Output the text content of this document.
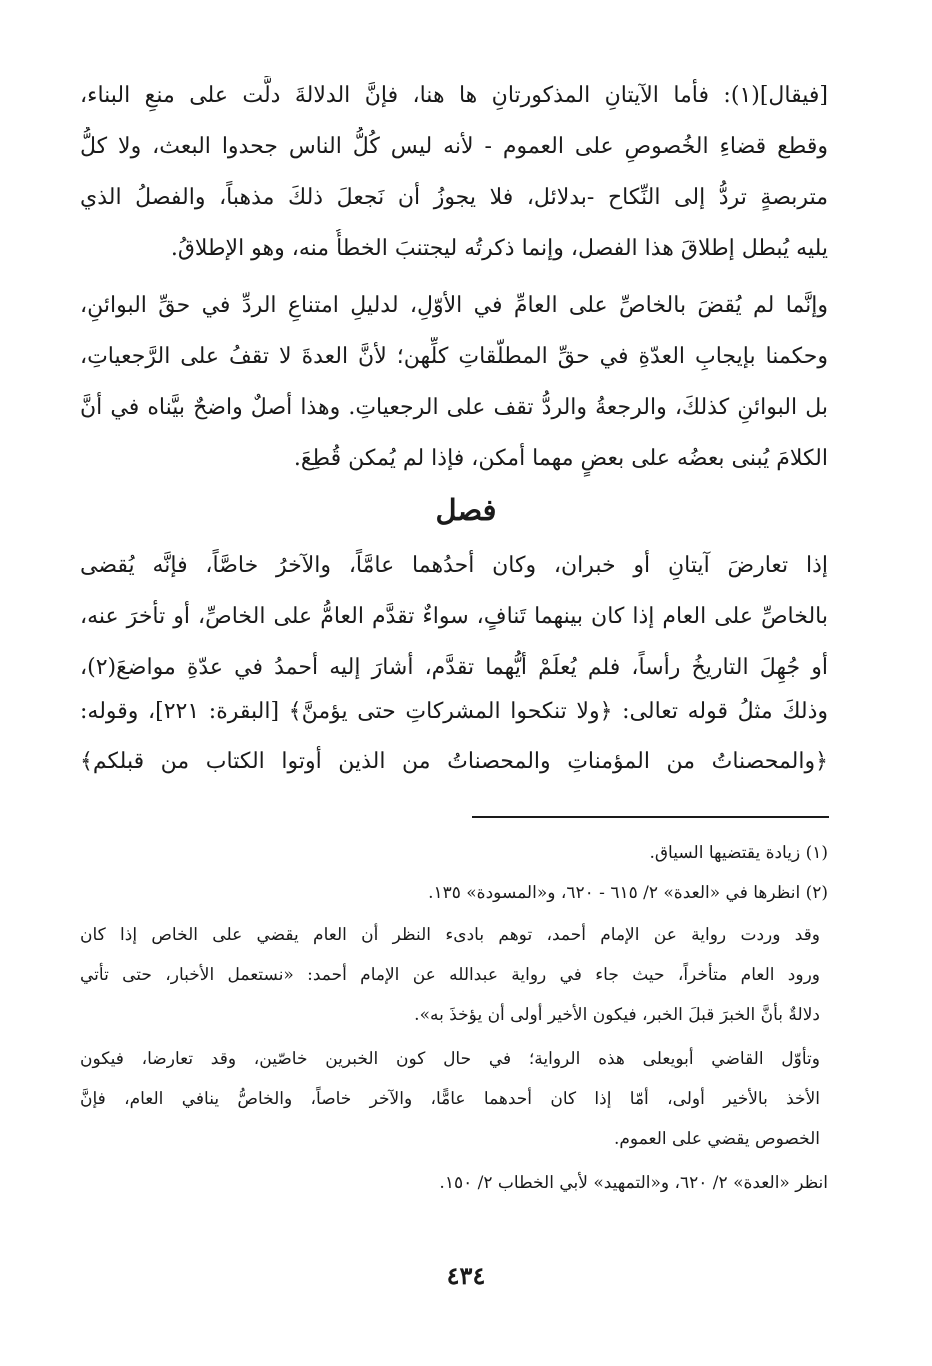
[فيقال](١): فأما الآيتانِ المذكورتانِ ها هنا، فإنَّ الدلالةَ دلَّت على منعِ البناء،
وقطع قضاءِ الخُصوصِ على العموم - لأنه ليس كُلُّ الناس جحدوا البعث، ولا كلُّ
متربصةٍ تردُّ إلى النِّكاح -بدلائل، فلا يجوزُ أن نَجعلَ ذلكَ مذهباً، والفصلُ الذي
يليه يُبطل إطلاقَ هذا الفصل، وإنما ذكرتُه ليجتنبَ الخطأُ منه، وهو الإطلاقُ.
وإنَّما لم يُقضَ بالخاصِّ على العامِّ في الأوّلِ، لدليلِ امتناعِ الردِّ في حقِّ البوائنِ،
وحكمنا بإيجابِ العدّةِ في حقِّ المطلّقاتِ كلِّهن؛ لأنَّ العدةَ لا تقفُ على الرَّجعياتِ،
بل البوائنِ كذلكَ، والرجعةُ والردُّ تقف على الرجعياتِ. وهذا أصلٌ واضحٌ بيَّناه في أنَّ
الكلامَ يُبنى بعضُه على بعضٍ مهما أمكن، فإذا لم يُمكن قُطِعَ.
فصل
إذا تعارضَ آيتانِ أو خبران، وكان أحدُهما عامَّاً، والآخرُ خاصَّاً، فإنَّه يُقضى
بالخاصِّ على العام إذا كان بينهما تَنافٍ، سواءٌ تقدَّم العامُّ على الخاصِّ، أو تأخرَ عنه،
أو جُهِلَ التاريخُ رأساً، فلم يُعلَمْ أيُّهما تقدَّم، أشارَ إليه أحمدُ في عدّةِ مواضعَ(٢)،
وذلكَ مثلُ قوله تعالى: ﴿ولا تنكحوا المشركاتِ حتى يؤمنَّ﴾ [البقرة: ٢٢١]، وقوله:
﴿والمحصناتُ من المؤمناتِ والمحصناتُ من الذين أوتوا الكتاب من قبلكم﴾
(١) زيادة يقتضيها السياق.
(٢) انظرها في «العدة» ٢/ ٦١٥ - ٦٢٠، و«المسودة» ١٣٥.
وقد وردت رواية عن الإمام أحمد، توهم بادىء النظر أن العام يقضي على الخاص إذا كان
ورود العام متأخراً، حيث جاء في رواية عبدالله عن الإمام أحمد: «نستعمل الأخبار، حتى تأتي
دلالةٌ بأنَّ الخبرَ قبلَ الخبر، فيكون الأخير أولى أن يؤخذَ به».
وتأوّل القاضي أبويعلى هذه الرواية؛ في حال كون الخبرين خاصّين، وقد تعارضا، فيكون
الأخذ بالأخير أولى، أمّا إذا كان أحدهما عامًّا، والآخر خاصاً، والخاصُّ ينافي العام، فإنَّ
الخصوص يقضي على العموم.
انظر «العدة» ٢/ ٦٢٠، و«التمهيد» لأبي الخطاب ٢/ ١٥٠.
٤٣٤
